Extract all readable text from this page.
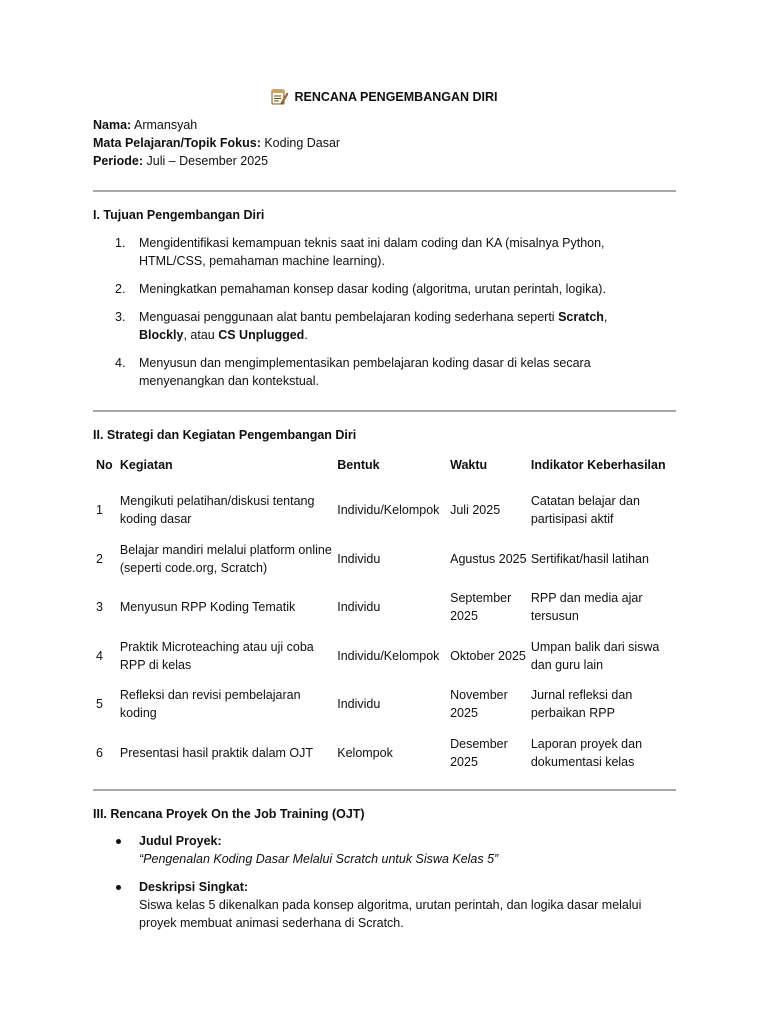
RENCANA PENGEMBANGAN DIRI
Nama: Armansyah
Mata Pelajaran/Topik Fokus: Koding Dasar
Periode: Juli – Desember 2025
I. Tujuan Pengembangan Diri
1. Mengidentifikasi kemampuan teknis saat ini dalam coding dan KA (misalnya Python, HTML/CSS, pemahaman machine learning).
2. Meningkatkan pemahaman konsep dasar koding (algoritma, urutan perintah, logika).
3. Menguasai penggunaan alat bantu pembelajaran koding sederhana seperti Scratch, Blockly, atau CS Unplugged.
4. Menyusun dan mengimplementasikan pembelajaran koding dasar di kelas secara menyenangkan dan kontekstual.
II. Strategi dan Kegiatan Pengembangan Diri
No	Kegiatan	Bentuk	Waktu	Indikator Keberhasilan

1	Mengikuti pelatihan/diskusi tentang koding dasar	Individu/Kelompok	Juli 2025	Catatan belajar dan partisipasi aktif
2	Belajar mandiri melalui platform online (seperti code.org, Scratch)	Individu	Agustus 2025	Sertifikat/hasil latihan
3	Menyusun RPP Koding Tematik	Individu	September 2025	RPP dan media ajar tersusun
4	Praktik Microteaching atau uji coba RPP di kelas	Individu/Kelompok	Oktober 2025	Umpan balik dari siswa dan guru lain
5	Refleksi dan revisi pembelajaran koding	Individu	November 2025	Jurnal refleksi dan perbaikan RPP
6	Presentasi hasil praktik dalam OJT	Kelompok	Desember 2025	Laporan proyek dan dokumentasi kelas
III. Rencana Proyek On the Job Training (OJT)
Judul Proyek:
“Pengenalan Koding Dasar Melalui Scratch untuk Siswa Kelas 5”
Deskripsi Singkat:
Siswa kelas 5 dikenalkan pada konsep algoritma, urutan perintah, dan logika dasar melalui proyek membuat animasi sederhana di Scratch.
